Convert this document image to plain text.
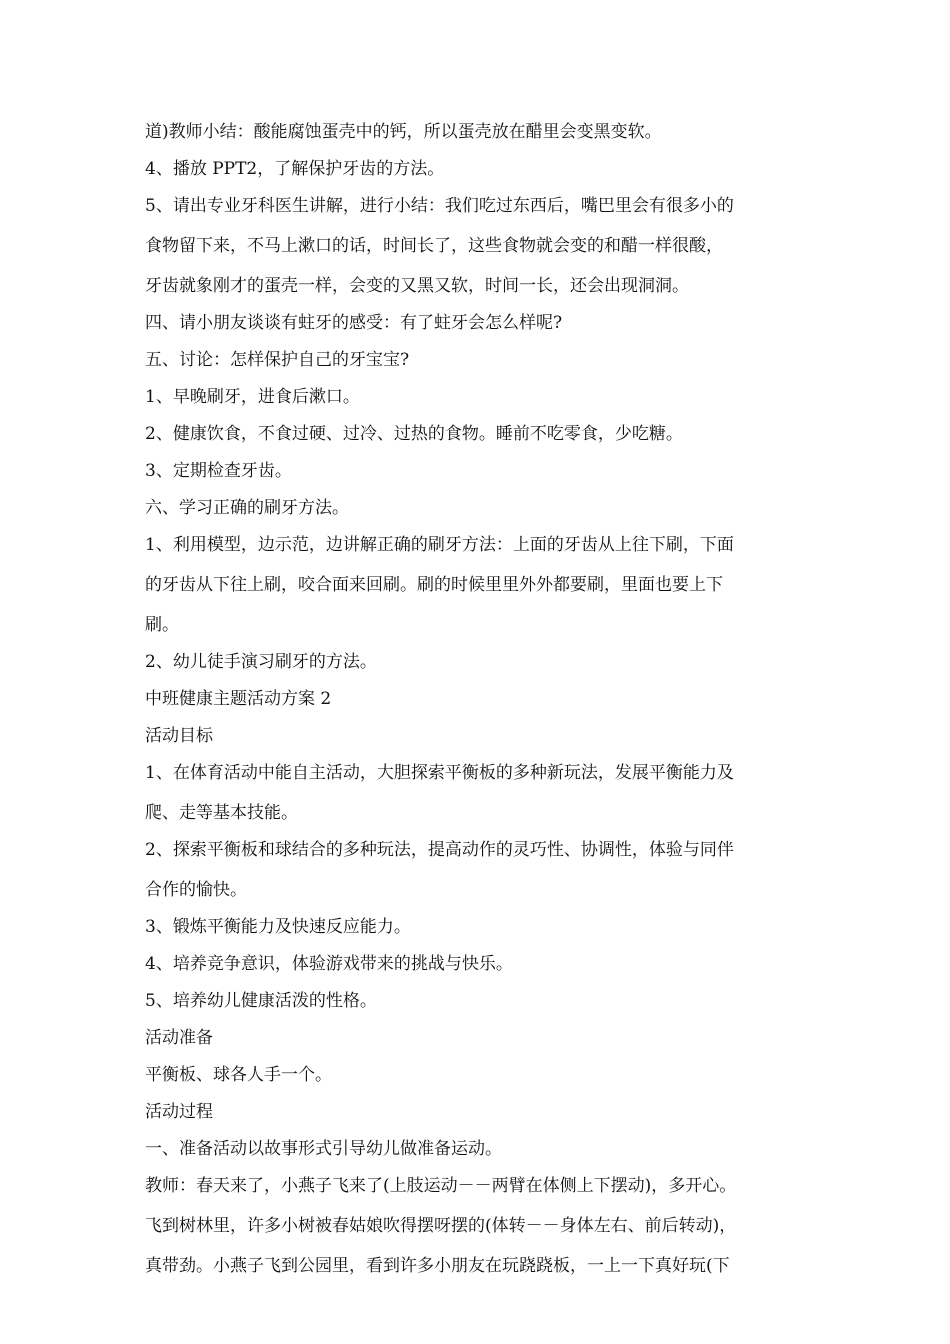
道)教师小结：酸能腐蚀蛋壳中的钙，所以蛋壳放在醋里会变黑变软。

4、播放 PPT2，了解保护牙齿的方法。

5、请出专业牙科医生讲解，进行小结：我们吃过东西后，嘴巴里会有很多小的

食物留下来，不马上漱口的话，时间长了，这些食物就会变的和醋一样很酸，

牙齿就象刚才的蛋壳一样，会变的又黑又软，时间一长，还会出现洞洞。

四、请小朋友谈谈有蛀牙的感受：有了蛀牙会怎么样呢?

五、讨论：怎样保护自己的牙宝宝?

1、早晚刷牙，进食后漱口。

2、健康饮食，不食过硬、过冷、过热的食物。睡前不吃零食，少吃糖。

3、定期检查牙齿。

六、学习正确的刷牙方法。

1、利用模型，边示范，边讲解正确的刷牙方法：上面的牙齿从上往下刷，下面

的牙齿从下往上刷，咬合面来回刷。刷的时候里里外外都要刷，里面也要上下

刷。

2、幼儿徒手演习刷牙的方法。

中班健康主题活动方案 2

活动目标

1、在体育活动中能自主活动，大胆探索平衡板的多种新玩法，发展平衡能力及

爬、走等基本技能。

2、探索平衡板和球结合的多种玩法，提高动作的灵巧性、协调性，体验与同伴

合作的愉快。

3、锻炼平衡能力及快速反应能力。

4、培养竞争意识，体验游戏带来的挑战与快乐。

5、培养幼儿健康活泼的性格。

活动准备

平衡板、球各人手一个。

活动过程

一、准备活动以故事形式引导幼儿做准备运动。

教师：春天来了，小燕子飞来了(上肢运动－－两臂在体侧上下摆动)，多开心。

飞到树林里，许多小树被春姑娘吹得摆呀摆的(体转－－身体左右、前后转动)，

真带劲。小燕子飞到公园里，看到许多小朋友在玩跷跷板，一上一下真好玩(下
